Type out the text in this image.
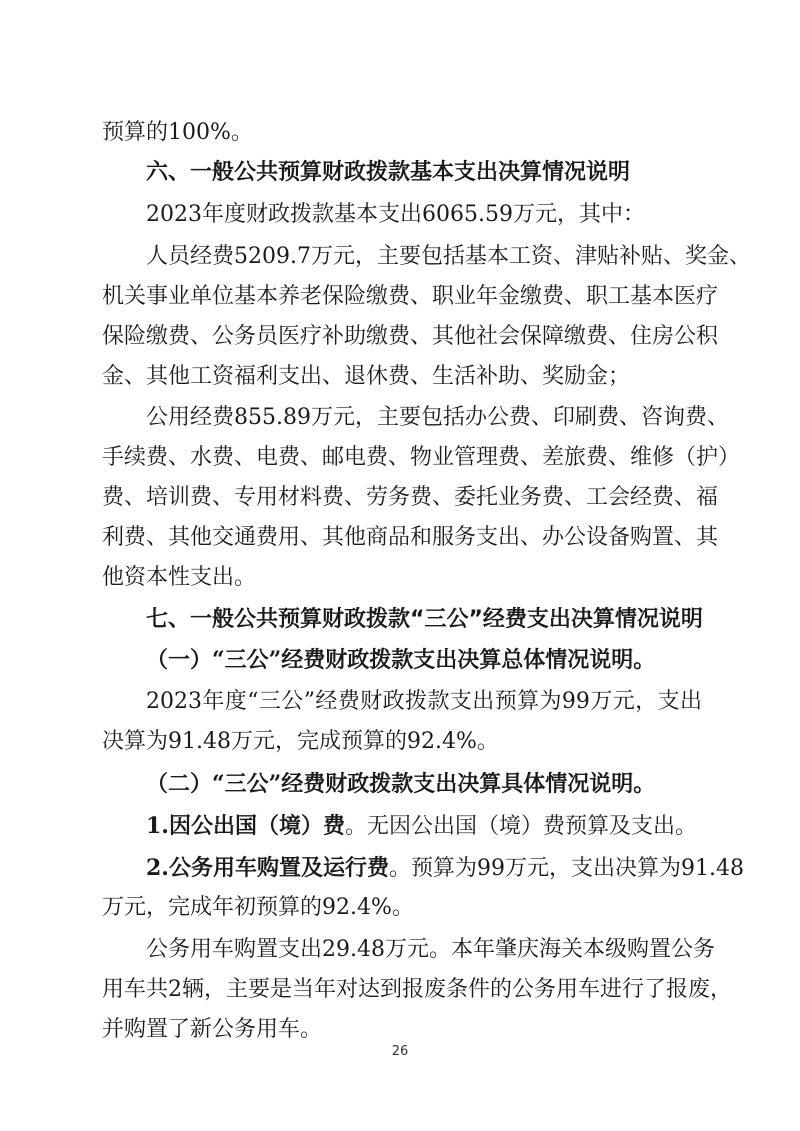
预算的100%。
六、一般公共预算财政拨款基本支出决算情况说明
2023年度财政拨款基本支出6065.59万元，其中：
人员经费5209.7万元，主要包括基本工资、津贴补贴、奖金、
机关事业单位基本养老保险缴费、职业年金缴费、职工基本医疗
保险缴费、公务员医疗补助缴费、其他社会保障缴费、住房公积
金、其他工资福利支出、退休费、生活补助、奖励金；
公用经费855.89万元，主要包括办公费、印刷费、咨询费、
手续费、水费、电费、邮电费、物业管理费、差旅费、维修（护）
费、培训费、专用材料费、劳务费、委托业务费、工会经费、福
利费、其他交通费用、其他商品和服务支出、办公设备购置、其
他资本性支出。
七、一般公共预算财政拨款“三公”经费支出决算情况说明
（一）“三公”经费财政拨款支出决算总体情况说明。
2023年度“三公”经费财政拨款支出预算为99万元，支出
决算为91.48万元，完成预算的92.4%。
（二）“三公”经费财政拨款支出决算具体情况说明。
1.因公出国（境）费。无因公出国（境）费预算及支出。
2.公务用车购置及运行费。预算为99万元，支出决算为91.48
万元，完成年初预算的92.4%。
公务用车购置支出29.48万元。本年肇庆海关本级购置公务
用车共2辆，主要是当年对达到报废条件的公务用车进行了报废，
并购置了新公务用车。
26
